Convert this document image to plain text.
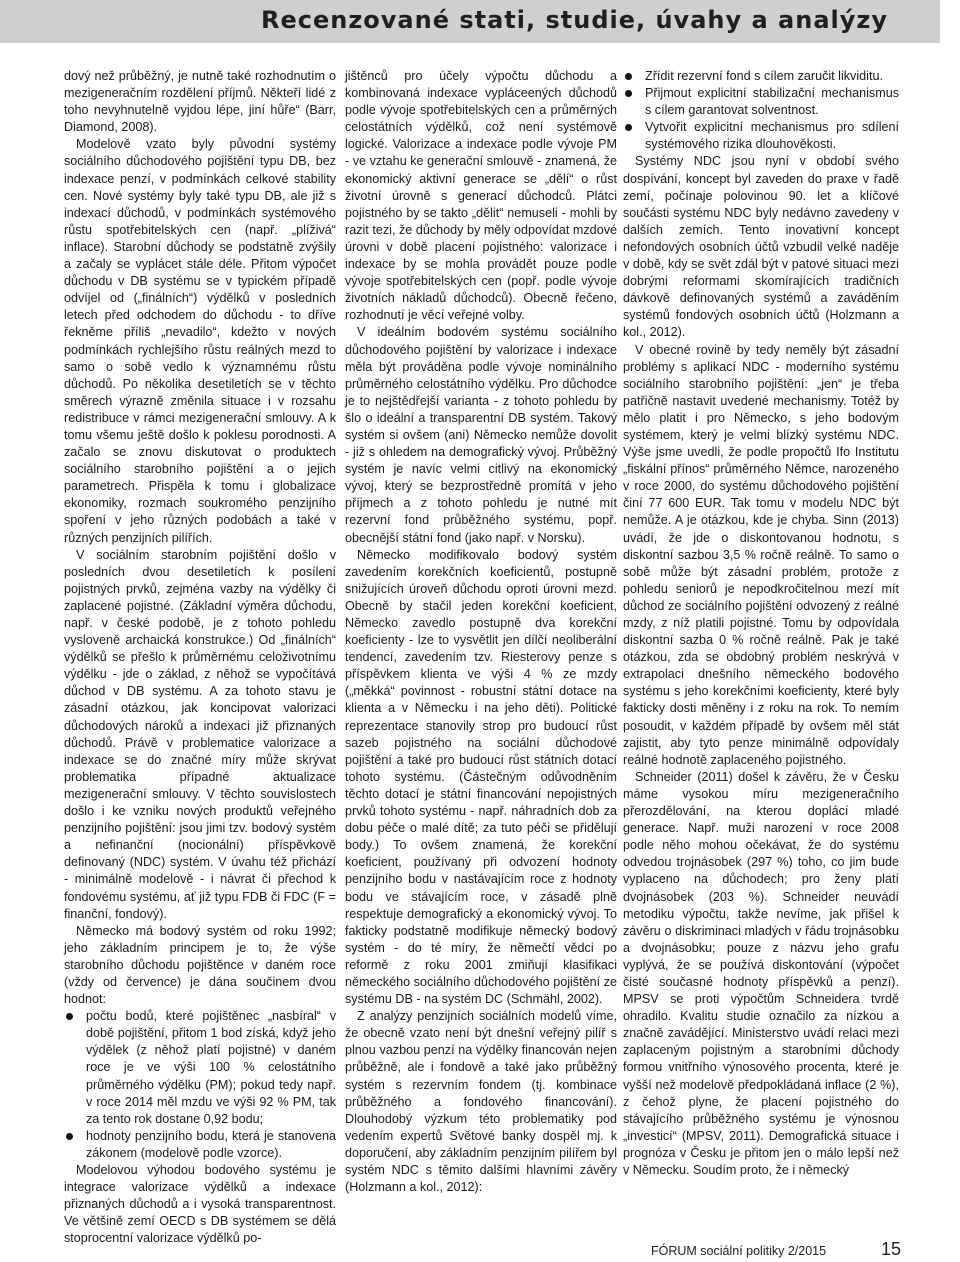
Recenzované stati, studie, úvahy a analýzy

dový než průběžný, je nutně také rozhodnutím o mezigeneračním rozdělení příjmů. Někteří lidé z toho nevyhnutelně vyjdou lépe, jiní hůře“ (Barr, Diamond, 2008).

Modelově vzato byly původní systémy sociálního důchodového pojištění typu DB, bez indexace penzí, v podmínkách celkové stability cen. Nové systémy byly také typu DB, ale již s indexací důchodů, v podmínkách systémového růstu spotřebitelských cen (např. „plíživá“ inflace). Starobní důchody se podstatně zvýšily a začaly se vyplácet stále déle. Přitom výpočet důchodu v DB systému se v typickém případě odvíjel od („finálních“) výdělků v posledních letech před odchodem do důchodu - to dříve řekněme příliš „nevadilo“, kdežto v nových podmínkách rychlejšího růstu reálných mezd to samo o sobě vedlo k významnému růstu důchodů. Po několika desetiletích se v těchto směrech výrazně změnila situace i v rozsahu redistribuce v rámci mezigenerační smlouvy. A k tomu všemu ještě došlo k poklesu porodnosti. A začalo se znovu diskutovat o produktech sociálního starobního pojištění a o jejich parametrech. Přispěla k tomu i globalizace ekonomiky, rozmach soukromého penzijního spoření v jeho různých podobách a také v různých penzijních pilířích.

V sociálním starobním pojištění došlo v posledních dvou desetiletích k posílení pojistných prvků, zejména vazby na výdělky či zaplacené pojistné. (Základní výměra důchodu, např. v české podobě, je z tohoto pohledu vysloveně archaická konstrukce.) Od „finálních“ výdělků se přešlo k průměrnému celoživotnímu výdělku - jde o základ, z něhož se vypočítává důchod v DB systému. A za tohoto stavu je zásadní otázkou, jak koncipovat valorizaci důchodových nároků a indexaci již přiznaných důchodů. Právě v problematice valorizace a indexace se do značné míry může skrývat problematika případné aktualizace mezigenerační smlouvy. V těchto souvislostech došlo i ke vzniku nových produktů veřejného penzijního pojištění: jsou jimi tzv. bodový systém a nefinanční (nocionální) příspěvkově definovaný (NDC) systém. V úvahu též přichází - minimálně modelově - i návrat či přechod k fondovému systému, ať již typu FDB či FDC (F = finanční, fondový).

Německo má bodový systém od roku 1992; jeho základním principem je to, že výše starobního důchodu pojištěnce v daném roce (vždy od července) je dána součinem dvou hodnot:

počtu bodů, které pojištěnec „nasbíral“ v době pojištění, přitom 1 bod získá, když jeho výdělek (z něhož platí pojistné) v daném roce je ve výši 100 % celostátního průměrného výdělku (PM); pokud tedy např. v roce 2014 měl mzdu ve výši 92 % PM, tak za tento rok dostane 0,92 bodu;
hodnoty penzijního bodu, která je stanovena zákonem (modelově podle vzorce).

Modelovou výhodou bodového systému je integrace valorizace výdělků a indexace přiznaných důchodů a i vysoká transparentnost. Ve většině zemí OECD s DB systémem se dělá stoprocentní valorizace výdělků po-

jištěnců pro účely výpočtu důchodu a kombinovaná indexace vypláceených důchodů podle vývoje spotřebitelských cen a průměrných celostátních výdělků, což není systémově logické. Valorizace a indexace podle vývoje PM - ve vztahu ke generační smlouvě - znamená, že ekonomický aktivní generace se „dělí“ o růst životní úrovně s generací důchodců. Plátci pojistného by se takto „dělit“ nemuseli - mohli by razit tezi, že důchody by měly odpovídat mzdové úrovni v době placení pojistného: valorizace i indexace by se mohla provádět pouze podle vývoje spotřebitelských cen (popř. podle vývoje životních nákladů důchodců). Obecně řečeno, rozhodnutí je věcí veřejné volby.

V ideálním bodovém systému sociálního důchodového pojištění by valorizace i indexace měla být prováděna podle vývoje nominálního průměrného celostátního výdělku. Pro důchodce je to nejštědřejší varianta - z tohoto pohledu by šlo o ideální a transparentní DB systém. Takový systém si ovšem (ani) Německo nemůže dovolit - již s ohledem na demografický vývoj. Průběžný systém je navíc velmi citlivý na ekonomický vývoj, který se bezprostředně promítá v jeho příjmech a z tohoto pohledu je nutné mít rezervní fond průběžného systému, popř. obecnější státní fond (jako např. v Norsku).

Německo modifikovalo bodový systém zavedením korekčních koeficientů, postupně snižujících úroveň důchodu oproti úrovni mezd. Obecně by stačil jeden korekční koeficient, Německo zavedlo postupně dva korekční koeficienty - lze to vysvětlit jen dílčí neoliberální tendencí, zavedením tzv. Riesterovy penze s příspěvkem klienta ve výši 4 % ze mzdy („měkká“ povinnost - robustní státní dotace na klienta a v Německu i na jeho děti). Politické reprezentace stanovily strop pro budoucí růst sazeb pojistného na sociální důchodové pojištění a také pro budoucí růst státních dotací tohoto systému. (Částečným odůvodněním těchto dotací je státní financování nepojistných prvků tohoto systému - např. náhradních dob za dobu péče o malé dítě; za tuto péči se přidělují body.) To ovšem znamená, že korekční koeficient, používaný při odvození hodnoty penzijního bodu v nastávajícím roce z hodnoty bodu ve stávajícím roce, v zásadě plně respektuje demografický a ekonomický vývoj. To fakticky podstatně modifikuje německý bodový systém - do té míry, že němečtí vědci po reformě z roku 2001 zmiňují klasifikaci německého sociálního důchodového pojištění ze systému DB - na systém DC (Schmähl, 2002).

Z analýzy penzijních sociálních modelů víme, že obecně vzato není být dnešní veřejný pilíř s plnou vazbou penzí na výdělky financován nejen průběžně, ale i fondově a také jako průběžný systém s rezervním fondem (tj. kombinace průběžného a fondového financování). Dlouhodobý výzkum této problematiky pod vedením expertů Světové banky dospěl mj. k doporučení, aby základním penzijním pilířem byl systém NDC s těmito dalšími hlavními závěry (Holzmann a kol., 2012):

Zřídit rezervní fond s cílem zaručit likviditu.
Přijmout explicitní stabilizační mechanismus s cílem garantovat solventnost.
Vytvořit explicitní mechanismus pro sdílení systémového rizika dlouhověkosti.

Systémy NDC jsou nyní v období svého dospívání, koncept byl zaveden do praxe v řadě zemí, počínaje polovinou 90. let a klíčové součásti systému NDC byly nedávno zavedeny v dalších zemích. Tento inovativní koncept nefondových osobních účtů vzbudil velké naděje v době, kdy se svět zdál být v patové situaci mezi dobrými reformami skomírajících tradičních dávkově definovaných systémů a zaváděním systémů fondových osobních účtů (Holzmann a kol., 2012).

V obecné rovině by tedy neměly být zásadní problémy s aplikací NDC - moderního systému sociálního starobního pojištění: „jen“ je třeba patřičně nastavit uvedené mechanismy. Totéž by mělo platit i pro Německo, s jeho bodovým systémem, který je velmi blízký systému NDC. Výše jsme uvedli, že podle propočtů Ifo Institutu „fiskální přínos“ průměrného Němce, narozeného v roce 2000, do systému důchodového pojištění činí 77 600 EUR. Tak tomu v modelu NDC být nemůže. A je otázkou, kde je chyba. Sinn (2013) uvádí, že jde o diskontovanou hodnotu, s diskontní sazbou 3,5 % ročně reálně. To samo o sobě může být zásadní problém, protože z pohledu seniorů je nepodkročitelnou mezí mít důchod ze sociálního pojištění odvozený z reálné mzdy, z níž platili pojistné. Tomu by odpovídala diskontní sazba 0 % ročně reálně. Pak je také otázkou, zda se obdobný problém neskrývá v extrapolaci dnešního německého bodového systému s jeho korekčními koeficienty, které byly fakticky dosti měněny i z roku na rok. To nemím posoudit, v každém případě by ovšem měl stát zajistit, aby tyto penze minimálně odpovídaly reálné hodnotě zaplaceného pojistného.

Schneider (2011) došel k závěru, že v Česku máme vysokou míru mezigeneračního přerozdělování, na kterou doplácí mladé generace. Např. muži narození v roce 2008 podle něho mohou očekávat, že do systému odvedou trojnásobek (297 %) toho, co jim bude vyplaceno na důchodech; pro ženy platí dvojnásobek (203 %). Schneider neuvádí metodiku výpočtu, takže nevíme, jak přišel k závěru o diskriminaci mladých v řádu trojnásobku a dvojnásobku; pouze z názvu jeho grafu vyplývá, že se používá diskontování (výpočet čisté současné hodnoty příspěvků a penzí). MPSV se proti výpočtům Schneidera tvrdě ohradilo. Kvalitu studie označilo za nízkou a značně zavádějící. Ministerstvo uvádí relaci mezi zaplaceným pojistným a starobními důchody formou vnitřního výnosového procenta, které je vyšší než modelově předpokládaná inflace (2 %), z čehož plyne, že placení pojistného do stávajícího průběžného systému je výnosnou „investicí“ (MPSV, 2011). Demografická situace i prognóza v Česku je přitom jen o málo lepší než v Německu. Soudím proto, že i německý

FÓRUM sociální politiky 2/2015	15
